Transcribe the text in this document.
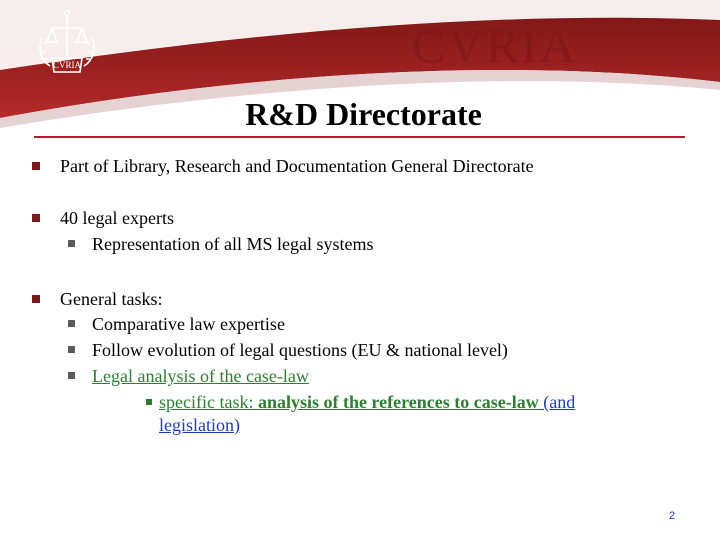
CVRIA	CVRIA
R&D Directorate
Part of Library, Research and Documentation General Directorate
40 legal experts
Representation of all MS legal systems
General tasks:
Comparative law expertise
Follow evolution of legal questions (EU & national level)
Legal analysis of the case-law
specific task: analysis of the references to case-law (and
legislation)
2
